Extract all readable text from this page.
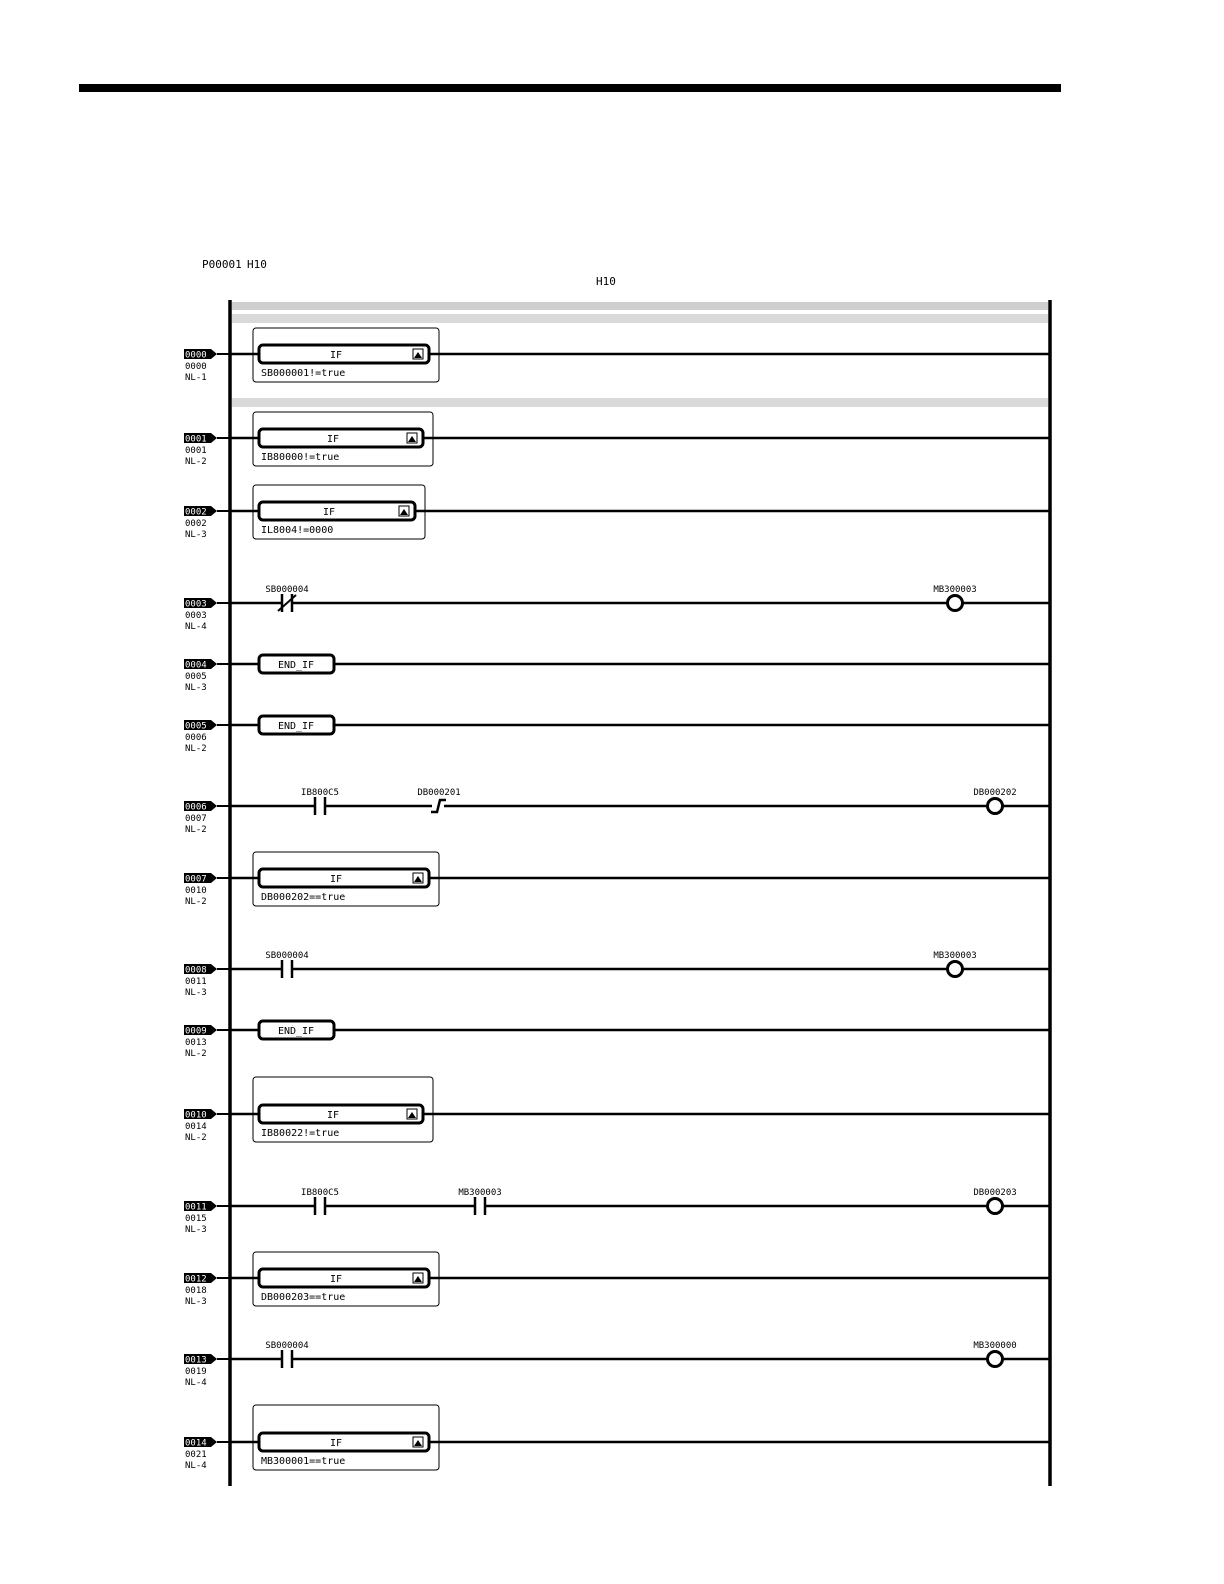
P00001 H10
H10
0000
0000
NL-1
IF
SB000001!=true
0001
0001
NL-2
IF
IB80000!=true
0002
0002
NL-3
IF
IL8004!=0000
0003
0003
NL-4
SB000004	MB300003
0004
0005
NL-3
END_IF
0005
0006
NL-2
END_IF
0006
0007
NL-2
IB800C5	DB000201	DB000202
0007
0010
NL-2
IF
DB000202==true
0008
0011
NL-3
SB000004	MB300003
0009
0013
NL-2
END_IF
0010
0014
NL-2
IF
IB80022!=true
0011
0015
NL-3
IB800C5	MB300003	DB000203
0012
0018
NL-3
IF
DB000203==true
0013
0019
NL-4
SB000004	MB300000
0014
0021
NL-4
IF
MB300001==true
